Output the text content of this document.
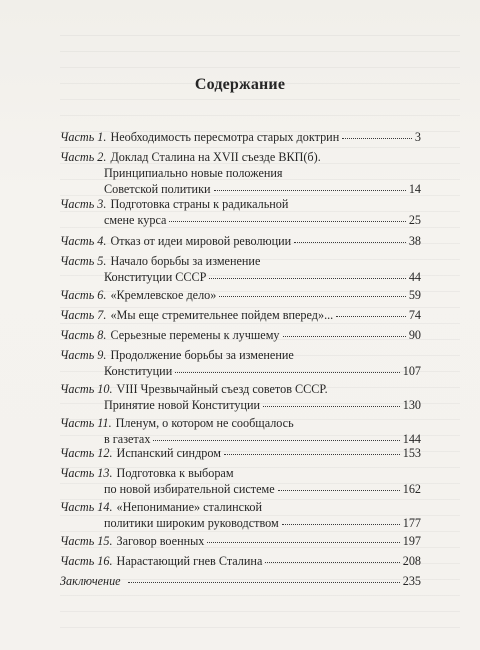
Содержание
Часть 1. Необходимость пересмотра старых доктрин	3
Часть 2. Доклад Сталина на XVII съезде ВКП(б).
Принципиально новые положения
Советской политики	14
Часть 3. Подготовка страны к радикальной
смене курса	25
Часть 4. Отказ от идеи мировой революции	38
Часть 5. Начало борьбы за изменение
Конституции СССР	44
Часть 6. «Кремлевское дело»	59
Часть 7. «Мы еще стремительнее пойдем вперед»...	74
Часть 8. Серьезные перемены к лучшему	90
Часть 9. Продолжение борьбы за изменение
Конституции	107
Часть 10. VIII Чрезвычайный съезд советов СССР.
Принятие новой Конституции	130
Часть 11. Пленум, о котором не сообщалось
в газетах	144
Часть 12. Испанский синдром	153
Часть 13. Подготовка к выборам
по новой избирательной системе	162
Часть 14. «Непонимание» сталинской
политики широким руководством	177
Часть 15. Заговор военных	197
Часть 16. Нарастающий гнев Сталина	208
Заключение	235
